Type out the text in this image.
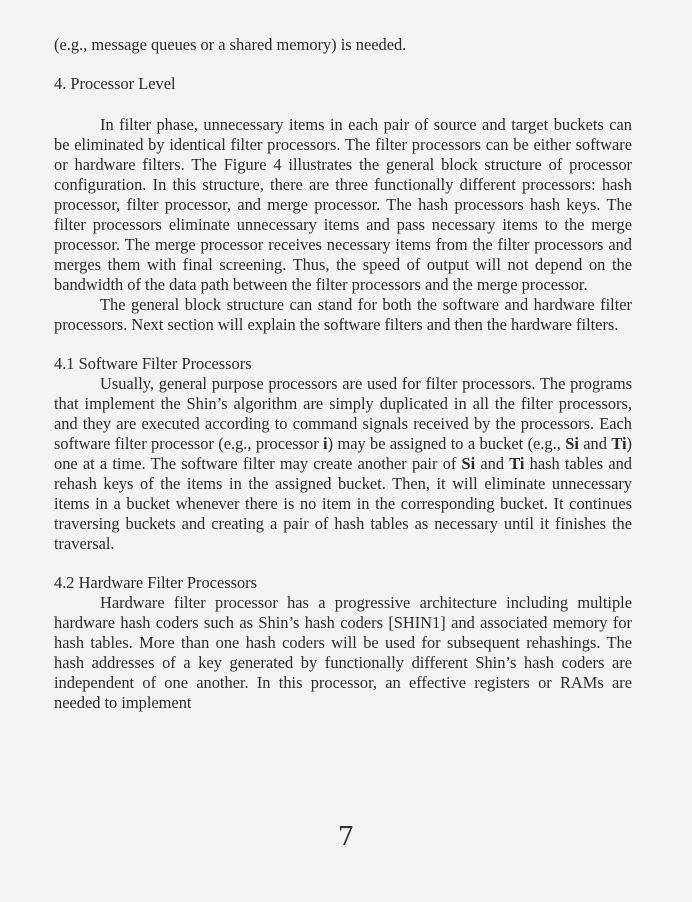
(e.g., message queues or a shared memory) is needed.

4. Processor Level

In filter phase, unnecessary items in each pair of source and target buckets can be eliminated by identical filter processors. The filter processors can be either software or hardware filters. The Figure 4 illustrates the general block structure of processor configuration. In this structure, there are three functionally different processors: hash processor, filter processor, and merge processor. The hash processors hash keys. The filter processors eliminate unnecessary items and pass necessary items to the merge processor. The merge processor receives necessary items from the filter processors and merges them with final screening. Thus, the speed of output will not depend on the bandwidth of the data path between the filter processors and the merge processor.

The general block structure can stand for both the software and hardware filter processors. Next section will explain the software filters and then the hardware filters.

4.1 Software Filter Processors

Usually, general purpose processors are used for filter processors. The programs that implement the Shin’s algorithm are simply duplicated in all the filter processors, and they are executed according to command signals received by the processors. Each software filter processor (e.g., processor i) may be assigned to a bucket (e.g., Si and Ti) one at a time. The software filter may create another pair of Si and Ti hash tables and rehash keys of the items in the assigned bucket. Then, it will eliminate unnecessary items in a bucket whenever there is no item in the corresponding bucket. It continues traversing buckets and creating a pair of hash tables as necessary until it finishes the traversal.

4.2 Hardware Filter Processors

Hardware filter processor has a progressive architecture including multiple hardware hash coders such as Shin’s hash coders [SHIN1] and associated memory for hash tables. More than one hash coders will be used for subsequent rehashings. The hash addresses of a key generated by functionally different Shin’s hash coders are independent of one another. In this processor, an effective registers or RAMs are needed to implement

7
